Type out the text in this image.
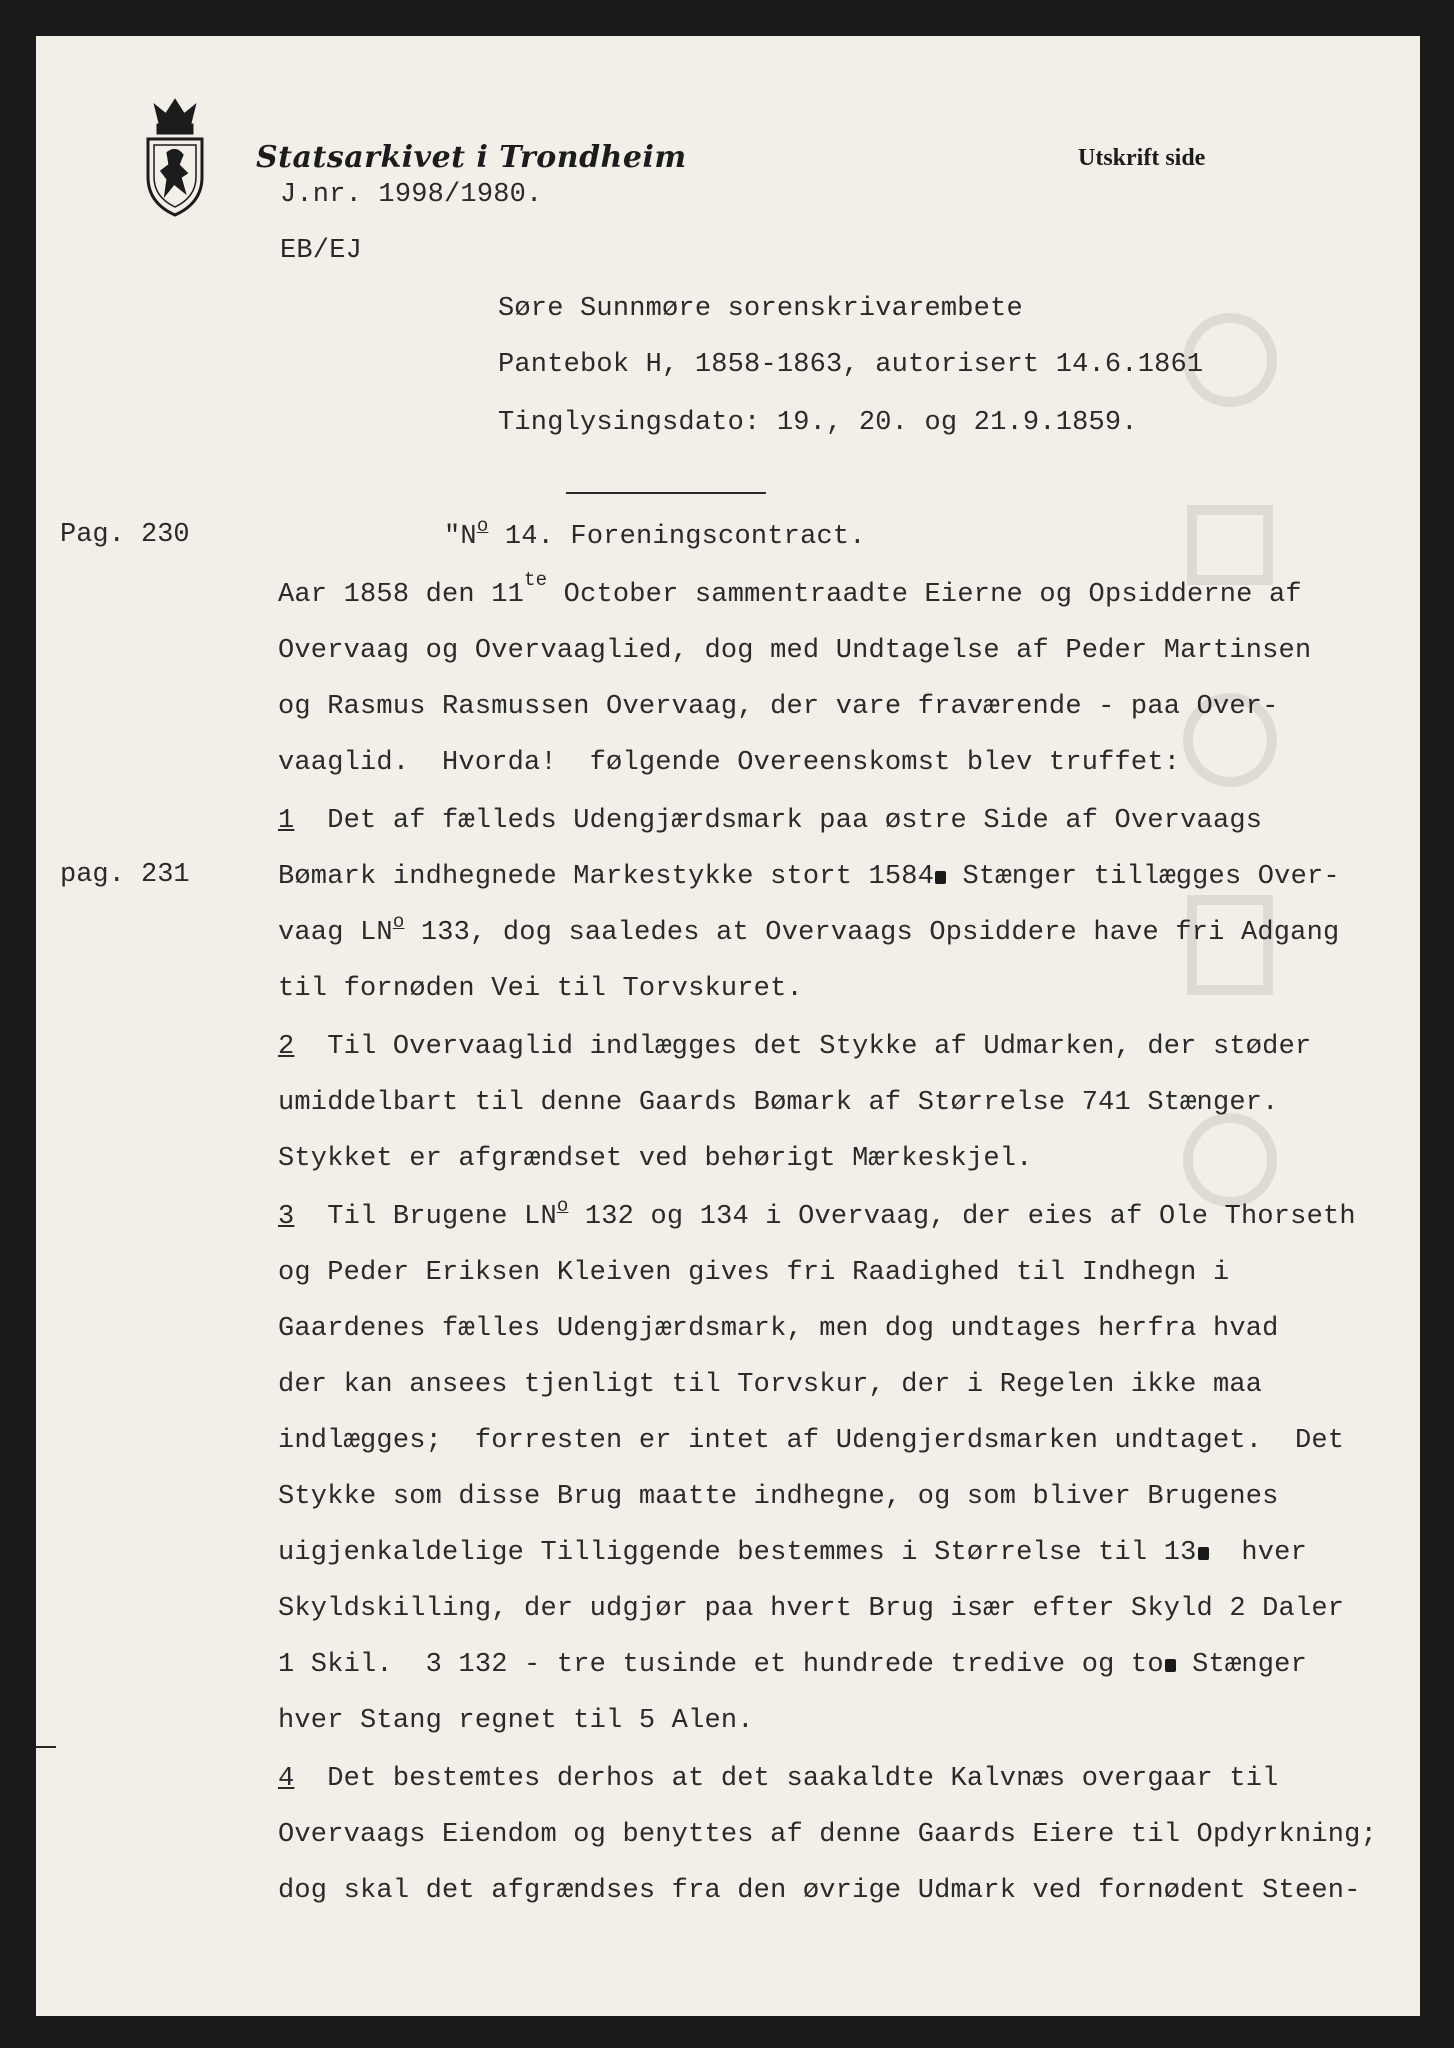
Statsarkivet i Trondheim	Utskrift side
J.nr. 1998/1980.
EB/EJ
Søre Sunnmøre sorenskrivarembete
Pantebok H, 1858-1863, autorisert 14.6.1861
Tinglysingsdato: 19., 20. og 21.9.1859.
Pag. 230
pag. 231
"$N^o$ 14. Foreningscontract.
Aar 1858 den $11^{te}$ October sammentraadte Eierne og Opsidderne af
Overvaag og Overvaaglied, dog med Undtagelse af Peder Martinsen
og Rasmus Rasmussen Overvaag, der vare fraværende - paa Over-
vaaglid.  Hvorda!  følgende Overeenskomst blev truffet:
1  Det af fælleds Udengjærdsmark paa østre Side af Overvaags
Bømark indhegnede Markestykke stort 1584 Stænger tillægges Over-
vaag $LN^o$ 133, dog saaledes at Overvaags Opsiddere have fri Adgang
til fornøden Vei til Torvskuret.
2  Til Overvaaglid indlægges det Stykke af Udmarken, der støder
umiddelbart til denne Gaards Bømark af Størrelse 741 Stænger.
Stykket er afgrændset ved behørigt Mærkeskjel.
3  Til Brugene $LN^o$ 132 og 134 i Overvaag, der eies af Ole Thorseth
og Peder Eriksen Kleiven gives fri Raadighed til Indhegn i
Gaardenes fælles Udengjærdsmark, men dog undtages herfra hvad
der kan ansees tjenligt til Torvskur, der i Regelen ikke maa
indlægges;  forresten er intet af Udengjerdsmarken undtaget.  Det
Stykke som disse Brug maatte indhegne, og som bliver Brugenes
uigjenkaldelige Tilliggende bestemmes i Størrelse til 13  hver
Skyldskilling, der udgjør paa hvert Brug især efter Skyld 2 Daler
1 Skil.  3 132 - tre tusinde et hundrede tredive og to Stænger
hver Stang regnet til 5 Alen.
4  Det bestemtes derhos at det saakaldte Kalvnæs overgaar til
Overvaags Eiendom og benyttes af denne Gaards Eiere til Opdyrkning;
dog skal det afgrændses fra den øvrige Udmark ved fornødent Steen-
